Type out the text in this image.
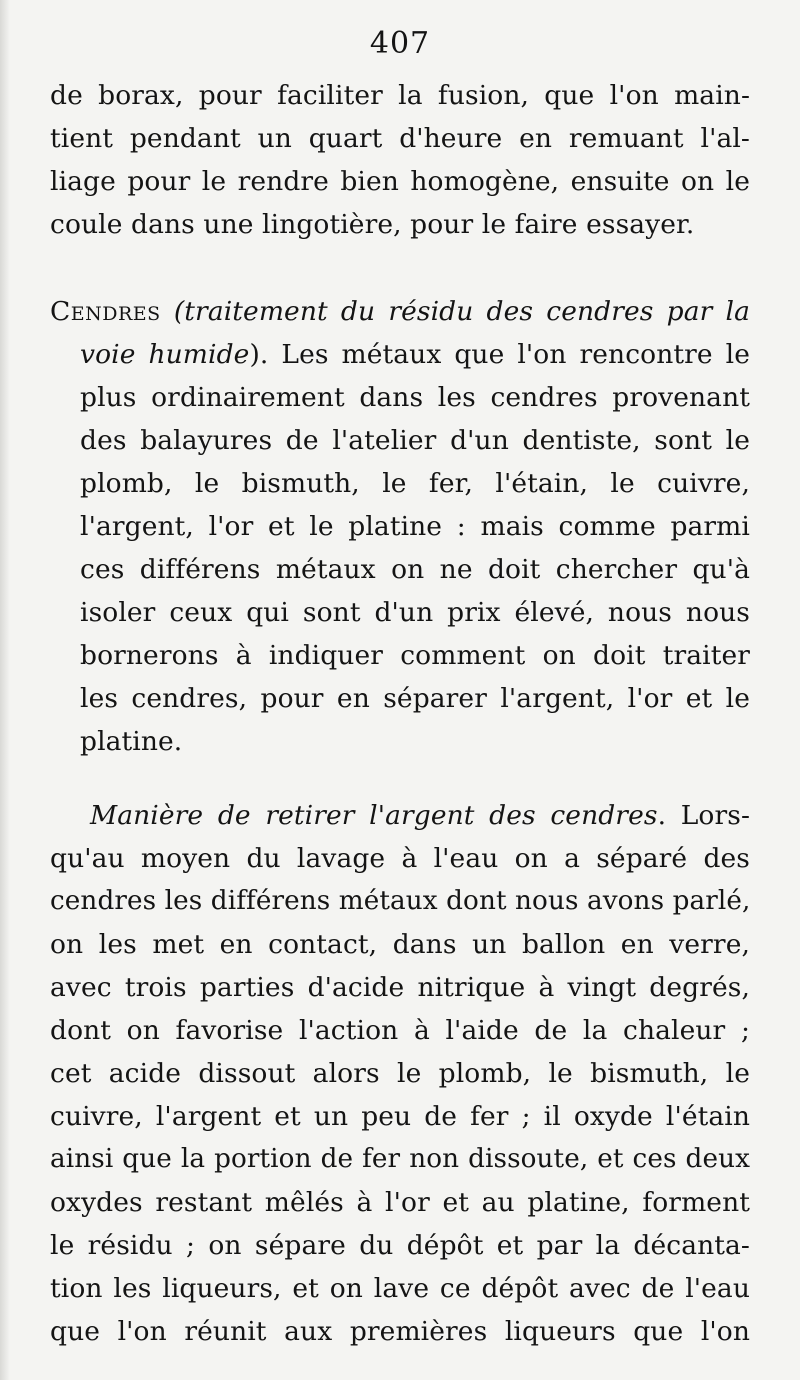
407
de borax, pour faciliter la fusion, que l'on main-
tient pendant un quart d'heure en remuant l'al-
liage pour le rendre bien homogène, ensuite on le
coule dans une lingotière, pour le faire essayer.
Cendres (traitement du résidu des cendres par la
voie humide). Les métaux que l'on rencontre le
plus ordinairement dans les cendres provenant
des balayures de l'atelier d'un dentiste, sont le
plomb, le bismuth, le fer, l'étain, le cuivre,
l'argent, l'or et le platine : mais comme parmi
ces différens métaux on ne doit chercher qu'à
isoler ceux qui sont d'un prix élevé, nous nous
bornerons à indiquer comment on doit traiter
les cendres, pour en séparer l'argent, l'or et le
platine.
Manière de retirer l'argent des cendres. Lors-
qu'au moyen du lavage à l'eau on a séparé des
cendres les différens métaux dont nous avons parlé,
on les met en contact, dans un ballon en verre,
avec trois parties d'acide nitrique à vingt degrés,
dont on favorise l'action à l'aide de la chaleur ;
cet acide dissout alors le plomb, le bismuth, le
cuivre, l'argent et un peu de fer ; il oxyde l'étain
ainsi que la portion de fer non dissoute, et ces deux
oxydes restant mêlés à l'or et au platine, forment
le résidu ; on sépare du dépôt et par la décanta-
tion les liqueurs, et on lave ce dépôt avec de l'eau
que l'on réunit aux premières liqueurs que l'on
